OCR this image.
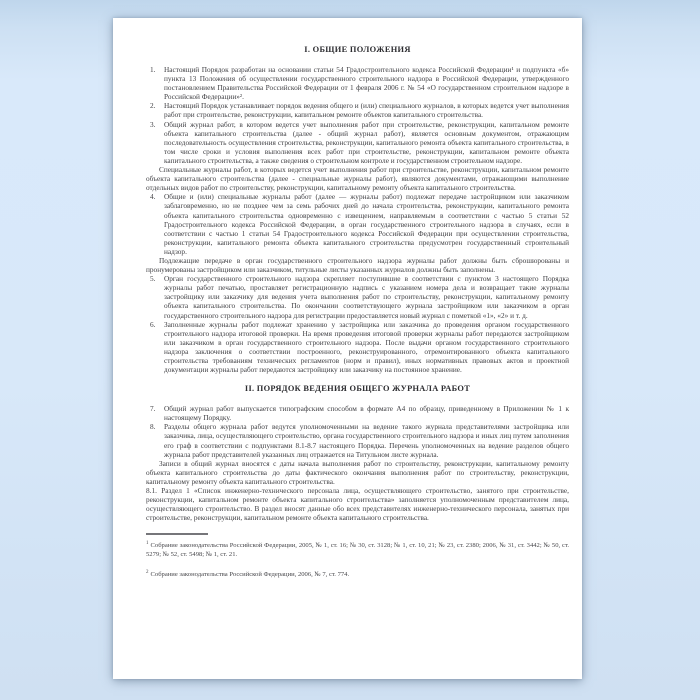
I. ОБЩИЕ ПОЛОЖЕНИЯ
1. Настоящий Порядок разработан на основании статьи 54 Градостроительного кодекса Российской Федерации¹ и подпункта «б» пункта 13 Положения об осуществлении государственного строительного надзора в Российской Федерации, утвержденного постановлением Правительства Российской Федерации от 1 февраля 2006 г. № 54 «О государственном строительном надзоре в Российской Федерации»².
2. Настоящий Порядок устанавливает порядок ведения общего и (или) специального журналов, в которых ведется учет выполнения работ при строительстве, реконструкции, капитальном ремонте объектов капитального строительства.
3. Общий журнал работ, в котором ведется учет выполнения работ при строительстве, реконструкции, капитальном ремонте объекта капитального строительства (далее - общий журнал работ), является основным документом, отражающим последовательность осуществления строительства, реконструкции, капитального ремонта объекта капитального строительства, в том числе сроки и условия выполнения всех работ при строительстве, реконструкции, капитальном ремонте объекта капитального строительства, а также сведения о строительном контроле и государственном строительном надзоре.
Специальные журналы работ, в которых ведется учет выполнения работ при строительстве, реконструкции, капитальном ремонте объекта капитального строительства (далее - специальные журналы работ), являются документами, отражающими выполнение отдельных видов работ по строительству, реконструкции, капитальному ремонту объекта капитального строительства.
4. Общие и (или) специальные журналы работ (далее — журналы работ) подлежат передаче застройщиком или заказчиком заблаговременно, но не позднее чем за семь рабочих дней до начала строительства, реконструкции, капитального ремонта объекта капитального строительства одновременно с извещением, направляемым в соответствии с частью 5 статьи 52 Градостроительного кодекса Российской Федерации, в орган государственного строительного надзора в случаях, если в соответствии с частью 1 статьи 54 Градостроительного кодекса Российской Федерации при осуществлении строительства, реконструкции, капитального ремонта объекта капитального строительства предусмотрен государственный строительный надзор.
Подлежащие передаче в орган государственного строительного надзора журналы работ должны быть сброшюрованы и пронумерованы застройщиком или заказчиком, титульные листы указанных журналов должны быть заполнены.
5. Орган государственного строительного надзора скрепляет поступившие в соответствии с пунктом 3 настоящего Порядка журналы работ печатью, проставляет регистрационную надпись с указанием номера дела и возвращает такие журналы застройщику или заказчику для ведения учета выполнения работ по строительству, реконструкции, капитальному ремонту объекта капитального строительства. По окончании соответствующего журнала застройщиком или заказчиком в орган государственного строительного надзора для регистрации предоставляется новый журнал с пометкой «1», «2» и т. д.
6. Заполненные журналы работ подлежат хранению у застройщика или заказчика до проведения органом государственного строительного надзора итоговой проверки. На время проведения итоговой проверки журналы работ передаются застройщиком или заказчиком в орган государственного строительного надзора. После выдачи органом государственного строительного надзора заключения о соответствии построенного, реконструированного, отремонтированного объекта капитального строительства требованиям технических регламентов (норм и правил), иных нормативных правовых актов и проектной документации журналы работ передаются застройщику или заказчику на постоянное хранение.
II. ПОРЯДОК ВЕДЕНИЯ ОБЩЕГО ЖУРНАЛА РАБОТ
7. Общий журнал работ выпускается типографским способом в формате А4 по образцу, приведенному в Приложении № 1 к настоящему Порядку.
8. Разделы общего журнала работ ведутся уполномоченными на ведение такого журнала представителями застройщика или заказчика, лица, осуществляющего строительство, органа государственного строительного надзора и иных лиц путем заполнения его граф в соответствии с подпунктами 8.1-8.7 настоящего Порядка. Перечень уполномоченных на ведение разделов общего журнала работ представителей указанных лиц отражается на Титульном листе журнала.
Записи в общий журнал вносятся с даты начала выполнения работ по строительству, реконструкции, капитальному ремонту объекта капитального строительства до даты фактического окончания выполнения работ по строительству, реконструкции, капитальному ремонту объекта капитального строительства.
8.1. Раздел 1 «Список инженерно-технического персонала лица, осуществляющего строительство, занятого при строительстве, реконструкции, капитальном ремонте объекта капитального строительства» заполняется уполномоченным представителем лица, осуществляющего строительство. В раздел вносят данные обо всех представителях инженерно-технического персонала, занятых при строительстве, реконструкции, капитальном ремонте объекта капитального строительства.
$^1$ Собрание законодательства Российской Федерации, 2005, № 1, ст. 16; № 30, ст. 3128; № 1, ст. 10, 21; № 23, ст. 2380; 2006, № 31, ст. 3442; № 50, ст. 5279; № 52, ст. 5498; № 1, ст. 21.
$^2$ Собрание законодательства Российской Федерации, 2006, № 7, ст. 774.
